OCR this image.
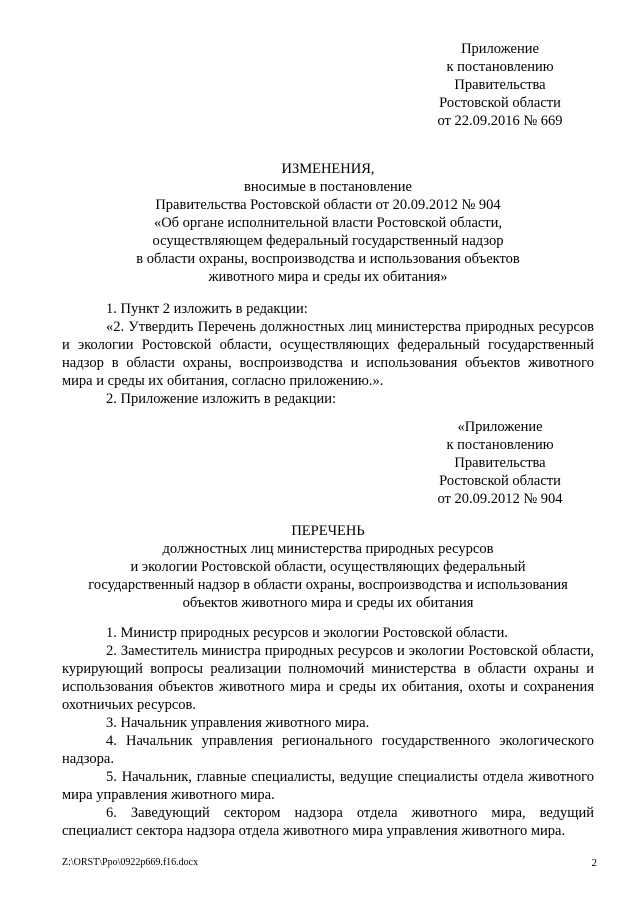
Приложение
к постановлению
Правительства
Ростовской области
от 22.09.2016 № 669
ИЗМЕНЕНИЯ,
вносимые в постановление
Правительства Ростовской области от 20.09.2012 № 904
«Об органе исполнительной власти Ростовской области,
осуществляющем федеральный государственный надзор
в области охраны, воспроизводства и использования объектов
животного мира и среды их обитания»

1. Пункт 2 изложить в редакции:

«2. Утвердить Перечень должностных лиц министерства природных ресурсов и экологии Ростовской области, осуществляющих федеральный государственный надзор в области охраны, воспроизводства и использования объектов животного мира и среды их обитания, согласно приложению.».

2. Приложение изложить в редакции:

«Приложение
к постановлению
Правительства
Ростовской области
от 20.09.2012 № 904
ПЕРЕЧЕНЬ
должностных лиц министерства природных ресурсов
и экологии Ростовской области, осуществляющих федеральный
государственный надзор в области охраны, воспроизводства и использования
объектов животного мира и среды их обитания

1. Министр природных ресурсов и экологии Ростовской области.

2. Заместитель министра природных ресурсов и экологии Ростовской области, курирующий вопросы реализации полномочий министерства в области охраны и использования объектов животного мира и среды их обитания, охоты и сохранения охотничьих ресурсов.

3. Начальник управления животного мира.

4. Начальник управления регионального государственного экологического надзора.

5. Начальник, главные специалисты, ведущие специалисты отдела животного мира управления животного мира.

6. Заведующий сектором надзора отдела животного мира, ведущий специалист сектора надзора отдела животного мира управления животного мира.

Z:\ORST\Ppo\0922p669.f16.docx	2
